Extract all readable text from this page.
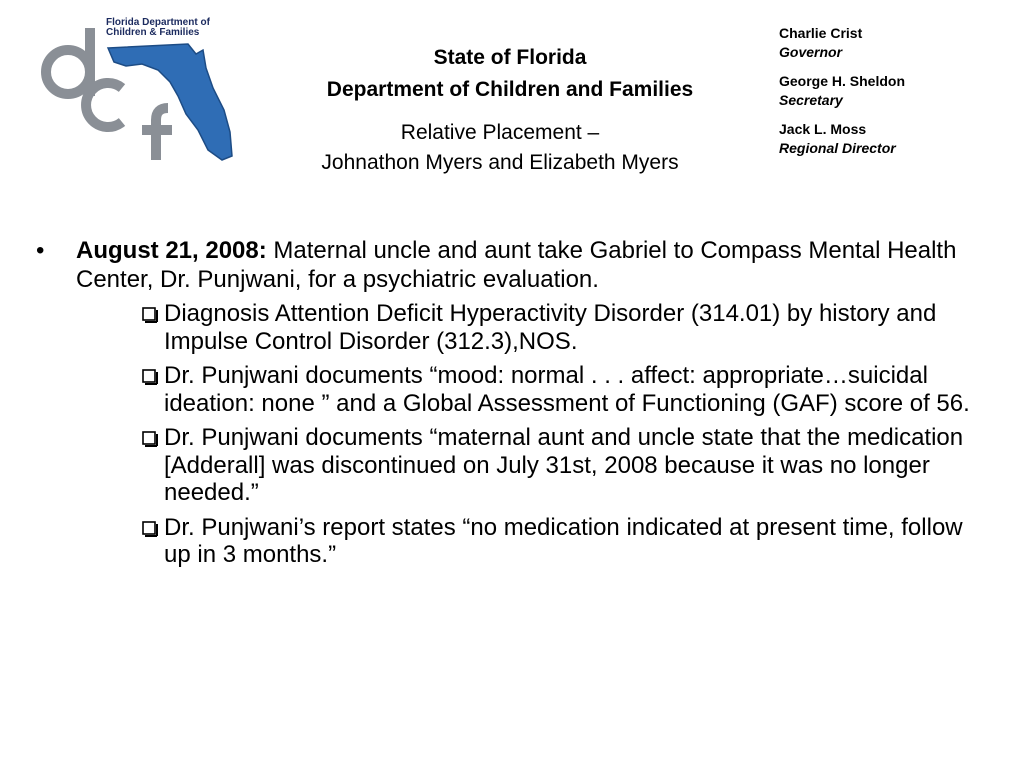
Florida Department of
Children & Families
State of Florida
Department of Children and Families
Relative Placement –
Johnathon Myers and Elizabeth Myers
Charlie Crist
Governor
George H. Sheldon
Secretary
Jack L. Moss
Regional Director
• August 21, 2008: Maternal uncle and aunt take Gabriel to Compass Mental Health Center, Dr. Punjwani, for a psychiatric evaluation.
Diagnosis Attention Deficit Hyperactivity Disorder (314.01) by history and Impulse Control Disorder (312.3),NOS.
Dr. Punjwani documents “mood: normal . . . affect: appropriate…suicidal ideation: none ” and a Global Assessment of Functioning (GAF) score of 56.
Dr. Punjwani documents “maternal aunt and uncle state that the medication [Adderall] was discontinued on July 31st, 2008 because it was no longer needed.”
Dr. Punjwani’s report states “no medication indicated at present time, follow up in 3 months.”
